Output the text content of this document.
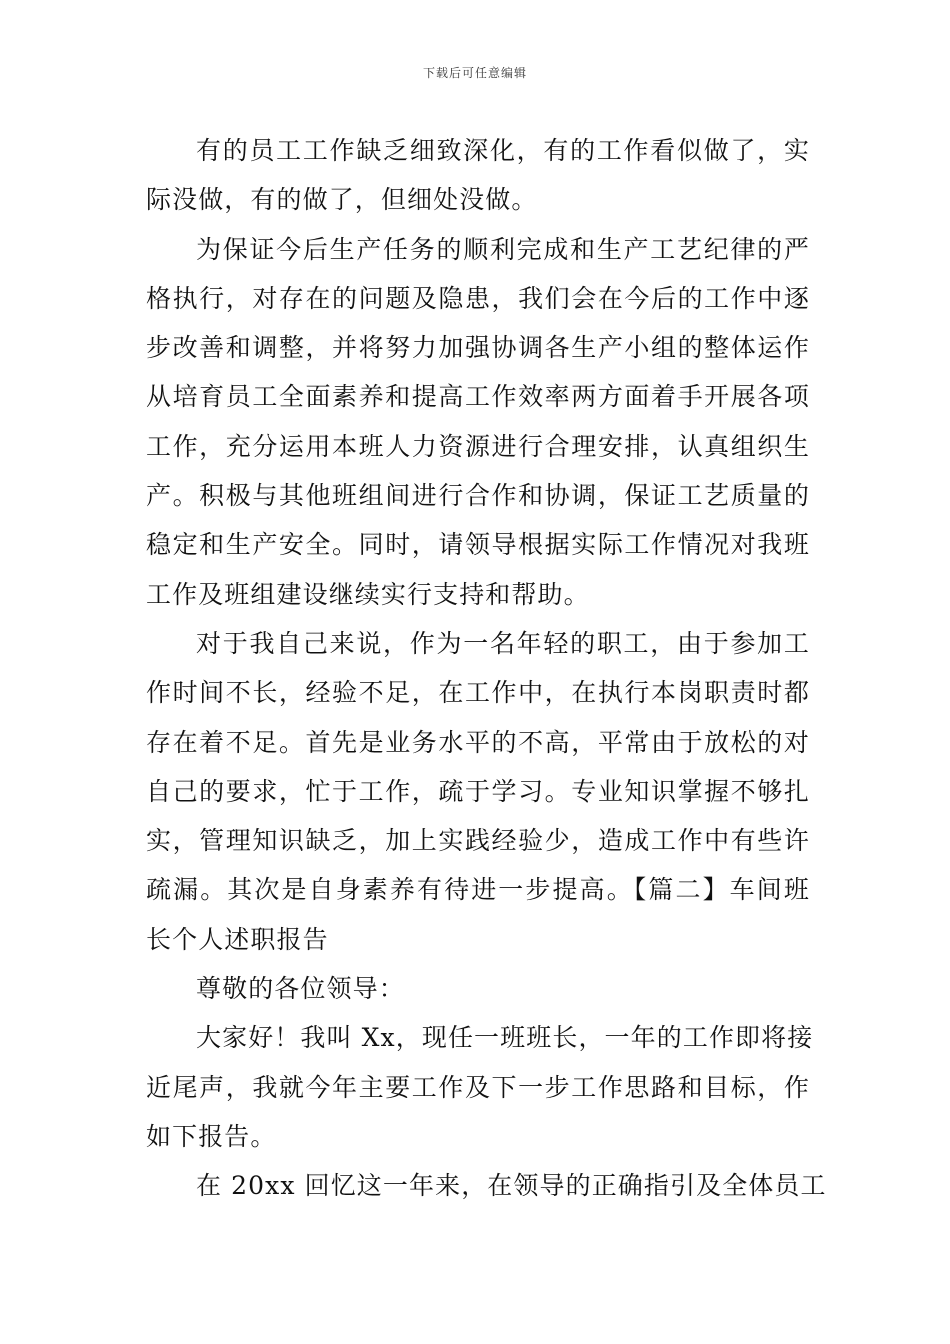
下载后可任意编辑

有的员工工作缺乏细致深化，有的工作看似做了，实
际没做，有的做了，但细处没做。

为保证今后生产任务的顺利完成和生产工艺纪律的严
格执行，对存在的问题及隐患，我们会在今后的工作中逐
步改善和调整，并将努力加强协调各生产小组的整体运作
从培育员工全面素养和提高工作效率两方面着手开展各项
工作，充分运用本班人力资源进行合理安排，认真组织生
产。积极与其他班组间进行合作和协调，保证工艺质量的
稳定和生产安全。同时，请领导根据实际工作情况对我班
工作及班组建设继续实行支持和帮助。

对于我自己来说，作为一名年轻的职工，由于参加工
作时间不长，经验不足，在工作中，在执行本岗职责时都
存在着不足。首先是业务水平的不高，平常由于放松的对
自己的要求，忙于工作，疏于学习。专业知识掌握不够扎
实，管理知识缺乏，加上实践经验少，造成工作中有些许
疏漏。其次是自身素养有待进一步提高。【篇二】车间班
长个人述职报告

尊敬的各位领导：

大家好！我叫 Xx，现任一班班长，一年的工作即将接
近尾声，我就今年主要工作及下一步工作思路和目标，作
如下报告。

在 20xx 回忆这一年来，在领导的正确指引及全体员工
